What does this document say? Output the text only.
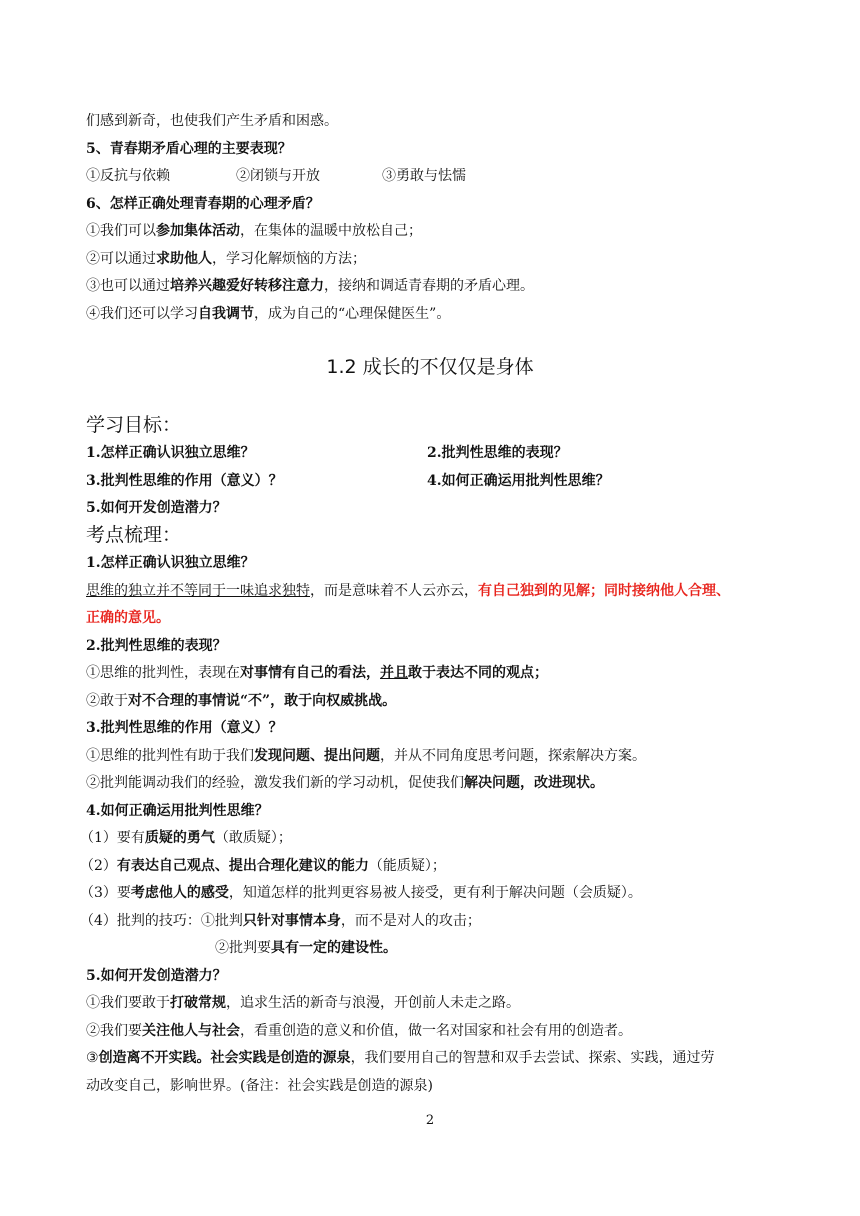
们感到新奇，也使我们产生矛盾和困惑。
5、青春期矛盾心理的主要表现？
①反抗与依赖	②闭锁与开放	③勇敢与怯懦
6、怎样正确处理青春期的心理矛盾？
①我们可以参加集体活动，在集体的温暖中放松自己；
②可以通过求助他人，学习化解烦恼的方法；
③也可以通过培养兴趣爱好转移注意力，接纳和调适青春期的矛盾心理。
④我们还可以学习自我调节，成为自己的“心理保健医生”。
1.2 成长的不仅仅是身体
学习目标：
1.怎样正确认识独立思维？	2.批判性思维的表现？
3.批判性思维的作用（意义）？	4.如何正确运用批判性思维？
5.如何开发创造潜力？
考点梳理：
1.怎样正确认识独立思维？
思维的独立并不等同于一味追求独特，而是意味着不人云亦云，有自己独到的见解；同时接纳他人合理、
正确的意见。
2.批判性思维的表现？
①思维的批判性，表现在对事情有自己的看法，并且敢于表达不同的观点；
②敢于对不合理的事情说“不”，敢于向权威挑战。
3.批判性思维的作用（意义）？
①思维的批判性有助于我们发现问题、提出问题，并从不同角度思考问题，探索解决方案。
②批判能调动我们的经验，激发我们新的学习动机，促使我们解决问题，改进现状。
4.如何正确运用批判性思维？
（1）要有质疑的勇气（敢质疑）；
（2）有表达自己观点、提出合理化建议的能力（能质疑）；
（3）要考虑他人的感受，知道怎样的批判更容易被人接受，更有利于解决问题（会质疑）。
（4）批判的技巧：①批判只针对事情本身，而不是对人的攻击；
②批判要具有一定的建设性。
5.如何开发创造潜力？
①我们要敢于打破常规，追求生活的新奇与浪漫，开创前人未走之路。
②我们要关注他人与社会，看重创造的意义和价值，做一名对国家和社会有用的创造者。
③创造离不开实践。社会实践是创造的源泉，我们要用自己的智慧和双手去尝试、探索、实践，通过劳
动改变自己，影响世界。(备注：社会实践是创造的源泉)
2
